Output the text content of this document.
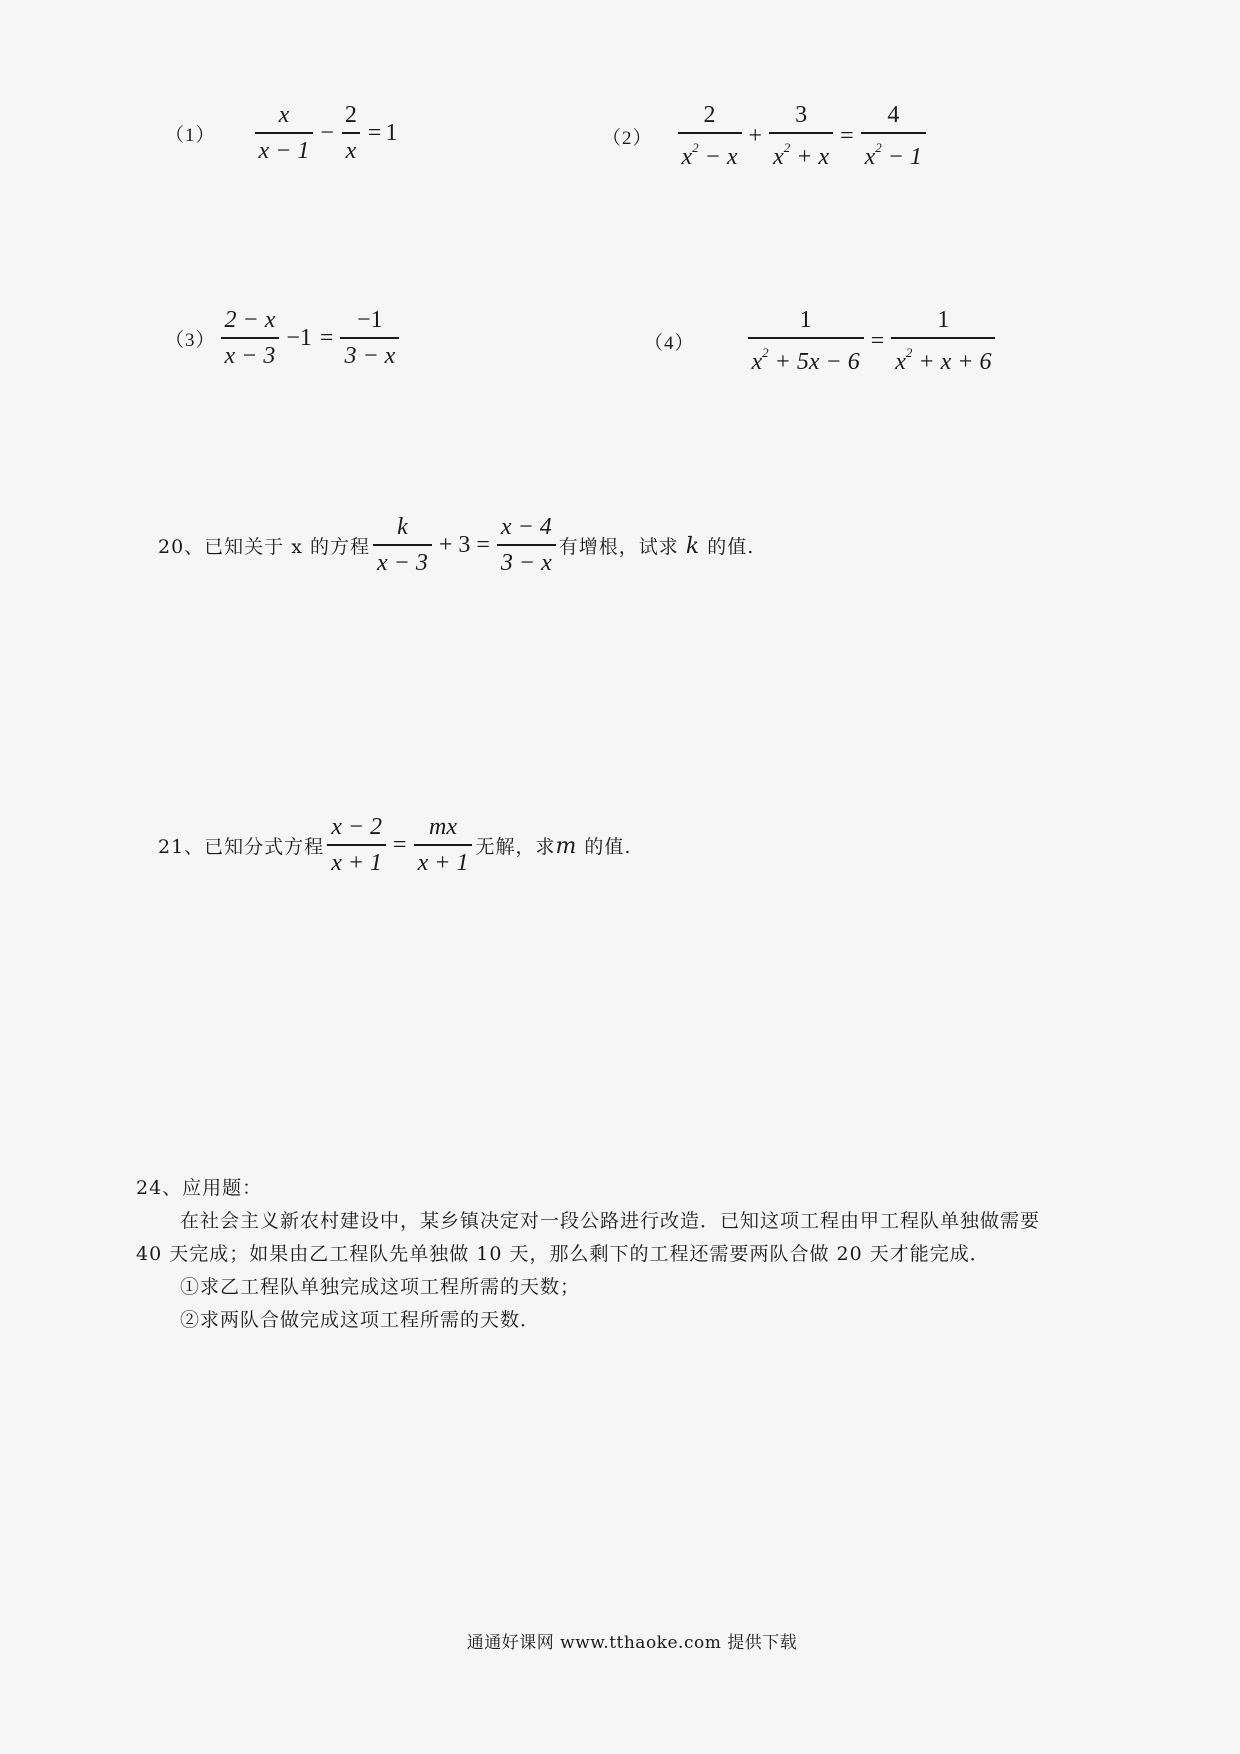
$(1) \frac{x}{x - 1} - \frac{2}{x} = 1$	$(2) \frac{2}{x^2 - x} + \frac{3}{x^2 + x} = \frac{4}{x^2 - 1}$
$(3) \frac{2 - x}{x - 3} -1 = \frac{-1}{3 - x}$	$(4) \frac{1}{x^2 + 5x - 6} = \frac{1}{x^2 + x + 6}$
20、已知关于 x 的方程 $\frac{k}{x - 3} + 3 = \frac{x - 4}{3 - x}$ 有增根，试求 k 的值.
21、已知分式方程 $\frac{x - 2}{x + 1} = \frac{mx}{x + 1}$ 无解，求m 的值.
24、应用题：
在社会主义新农村建设中，某乡镇决定对一段公路进行改造．已知这项工程由甲工程队单独做需要
40 天完成；如果由乙工程队先单独做 10 天，那么剩下的工程还需要两队合做 20 天才能完成．
①求乙工程队单独完成这项工程所需的天数；
②求两队合做完成这项工程所需的天数．
通通好课网 www.tthaoke.com 提供下载
